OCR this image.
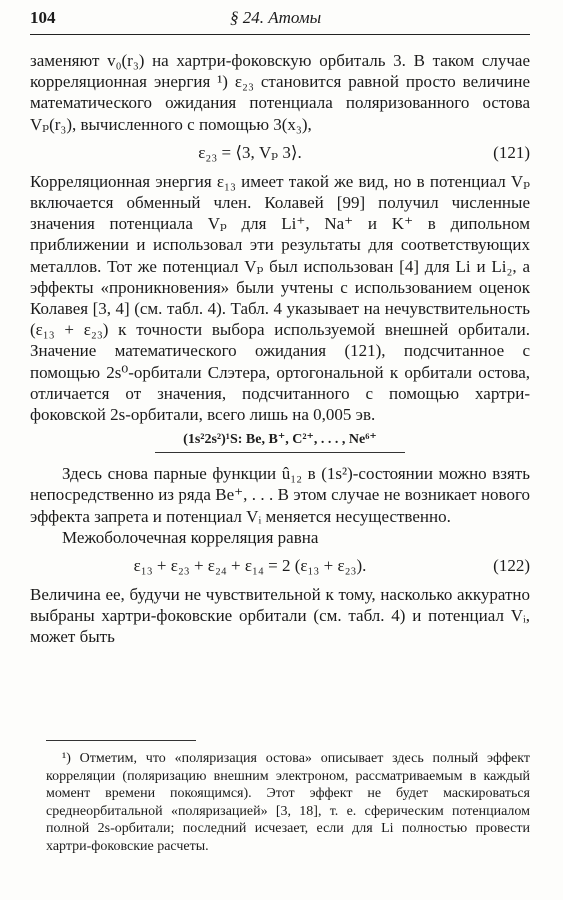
104	§ 24. Атомы

заменяют v₀(r₃) на хартри-фоковскую орбиталь 3. В таком случае корреляционная энергия ¹) ε₂₃ становится равной просто величине математического ожидания потенциала поляризованного остова Vₚ(r₃), вычисленного с помощью 3(x₃),

ε₂₃ = ⟨3, Vₚ 3⟩.	(121)

Корреляционная энергия ε₁₃ имеет такой же вид, но в потенциал Vₚ включается обменный член. Колавей [99] получил численные значения потенциала Vₚ для Li⁺, Na⁺ и K⁺ в дипольном приближении и использовал эти результаты для соответствующих металлов. Тот же потенциал Vₚ был использован [4] для Li и Li₂, а эффекты «проникновения» были учтены с использованием оценок Колавея [3, 4] (см. табл. 4). Табл. 4 указывает на нечувствительность (ε₁₃ + ε₂₃) к точности выбора используемой внешней орбитали. Значение математического ожидания (121), подсчитанное с помощью 2s⁰-орбитали Слэтера, ортогональной к орбитали остова, отличается от значения, подсчитанного с помощью хартри-фоковской 2s-орбитали, всего лишь на 0,005 эв.

(1s²2s²)¹S: Be, B⁺, C²⁺, . . . , Ne⁶⁺

Здесь снова парные функции û₁₂ в (1s²)-состоянии можно взять непосредственно из ряда Be⁺, . . . В этом случае не возникает нового эффекта запрета и потенциал Vᵢ меняется несущественно.

Межоболочечная корреляция равна

ε₁₃ + ε₂₃ + ε₂₄ + ε₁₄ = 2 (ε₁₃ + ε₂₃).	(122)

Величина ее, будучи не чувствительной к тому, насколько аккуратно выбраны хартри-фоковские орбитали (см. табл. 4) и потенциал Vᵢ, может быть

¹) Отметим, что «поляризация остова» описывает здесь полный эффект корреляции (поляризацию внешним электроном, рассматриваемым в каждый момент времени покоящимся). Этот эффект не будет маскироваться среднеорбитальной «поляризацией» [3, 18], т. е. сферическим потенциалом полной 2s-орбитали; последний исчезает, если для Li полностью провести хартри-фоковские расчеты.
